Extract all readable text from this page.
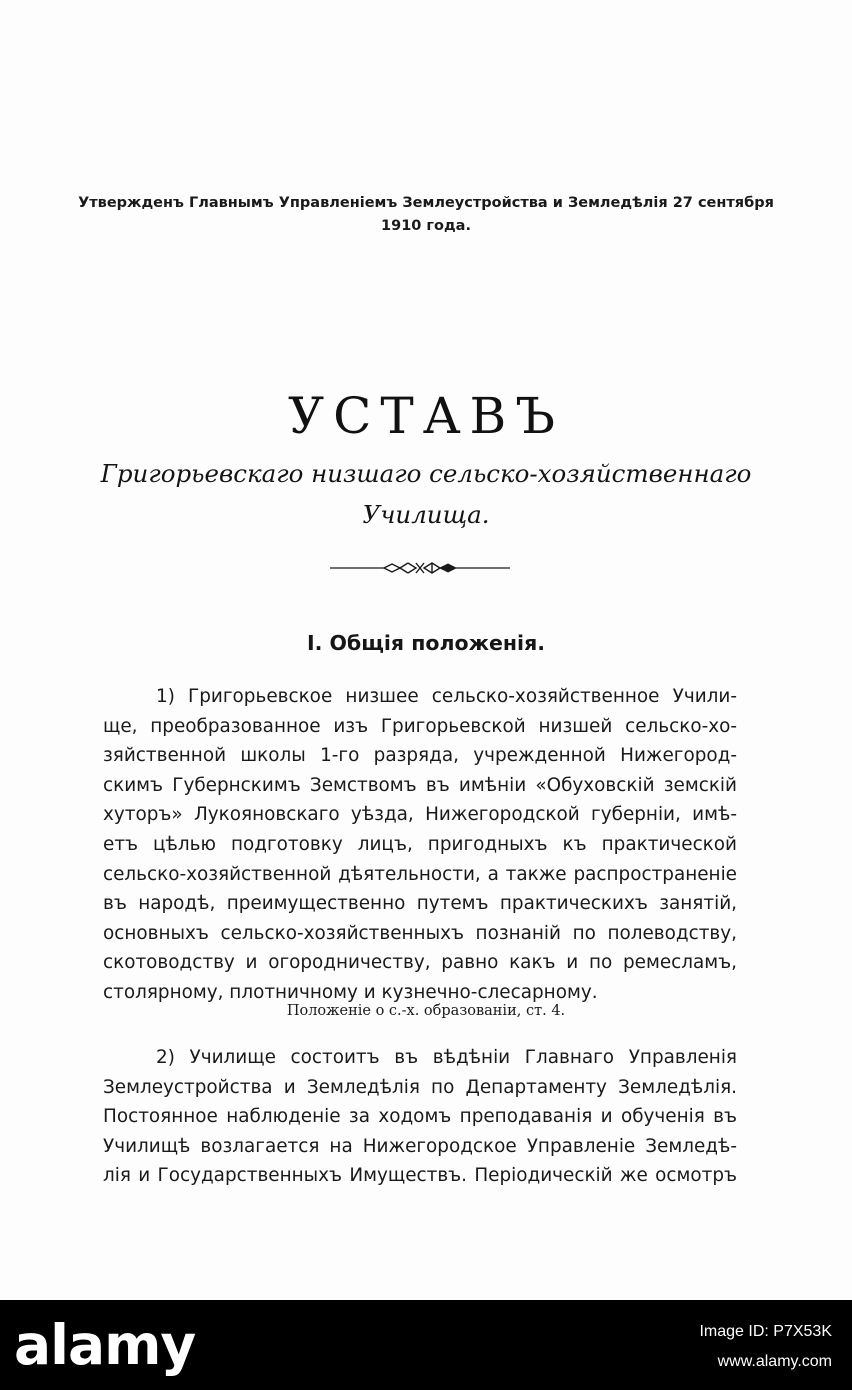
Утвержденъ Главнымъ Управленіемъ Землеустройства и Земледѣлія 27 сентября
1910 года.
УСТАВЪ
Григорьевскаго низшаго сельско-хозяйственнаго
Училища.
I. Общія положенія.

1) Григорьевское низшее сельско-хозяйственное Учили-
ще, преобразованное изъ Григорьевской низшей сельско-хо-
зяйственной школы 1-го разряда, учрежденной Нижегород-
скимъ Губернскимъ Земствомъ въ имѣніи «Обуховскій земскій
хуторъ» Лукояновскаго уѣзда, Нижегородской губерніи, имѣ-
етъ цѣлью подготовку лицъ, пригодныхъ къ практической
сельско-хозяйственной дѣятельности, а также распространеніе
въ народѣ, преимущественно путемъ практическихъ занятій,
основныхъ сельско-хозяйственныхъ познаній по полеводству,
скотоводству и огородничеству, равно какъ и по ремесламъ,
столярному, плотничному и кузнечно-слесарному.

Положеніе о с.-х. образованіи, ст. 4.

2) Училище состоитъ въ вѣдѣніи Главнаго Управленія
Землеустройства и Земледѣлія по Департаменту Земледѣлія.
Постоянное наблюденіе за ходомъ преподаванія и обученія въ
Училищѣ возлагается на Нижегородское Управленіе Земледѣ-
лія и Государственныхъ Имуществъ. Періодическій же осмотръ

alamy	Image ID: P7X53K
www.alamy.com
